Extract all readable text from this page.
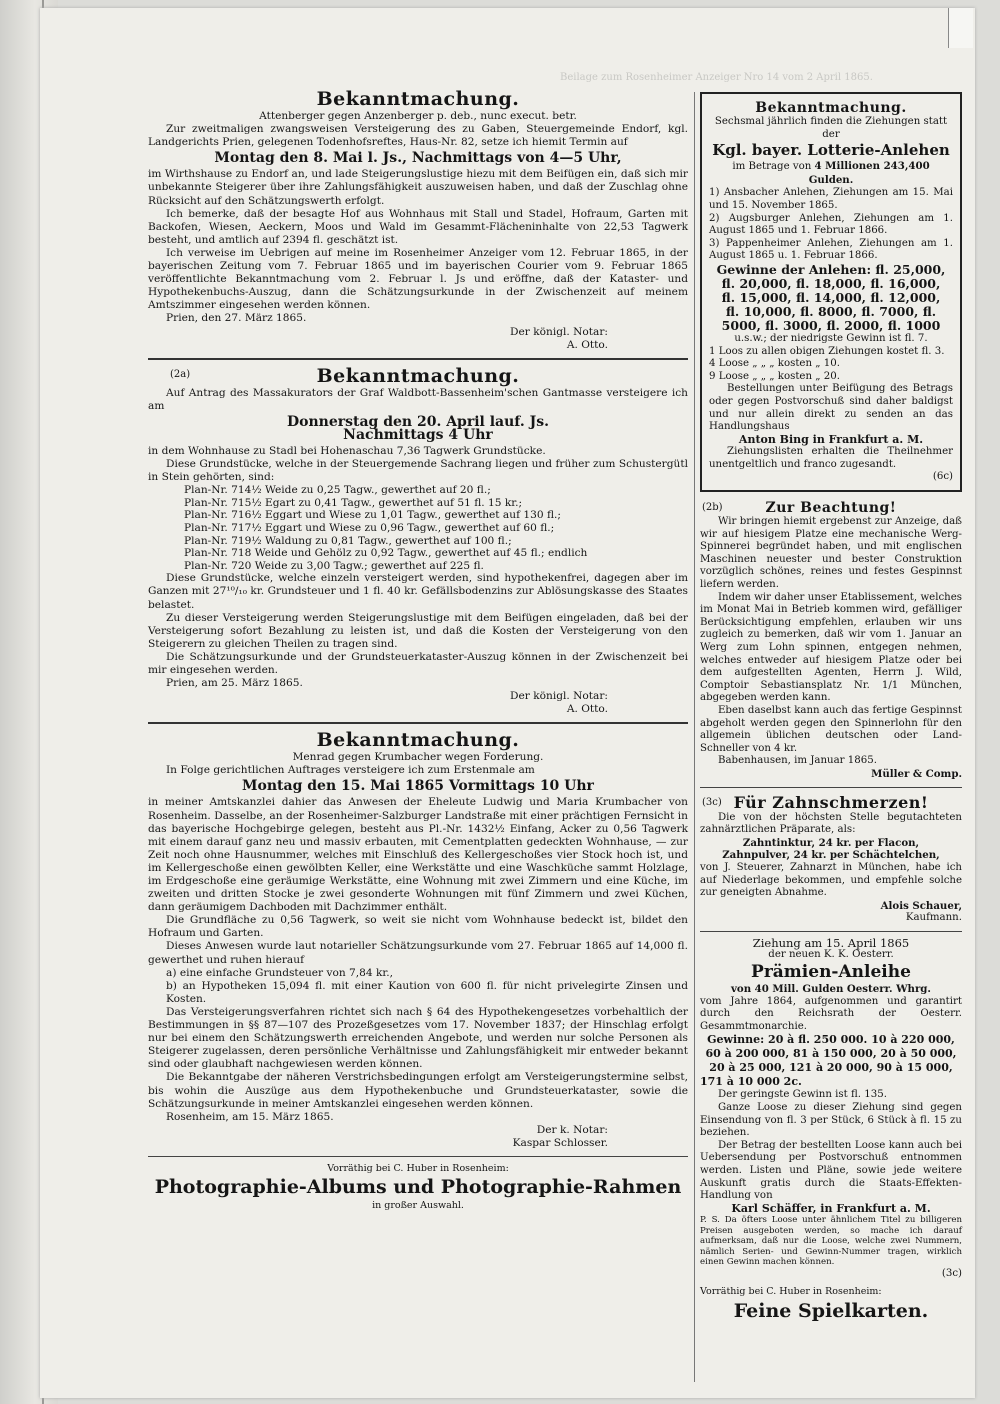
Beilage zum Rosenheimer Anzeiger Nro 14 vom 2 April 1865.
Bekanntmachung.

Attenberger gegen Anzenberger p. deb., nunc execut. betr.

Zur zweitmaligen zwangsweisen Versteigerung des zu Gaben, Steuergemeinde Endorf, kgl. Landgerichts Prien, gelegenen Todenhofsreftes, Haus-Nr. 82, setze ich hiemit Termin auf

Montag den 8. Mai l. Js., Nachmittags von 4—5 Uhr,

im Wirthshause zu Endorf an, und lade Steigerungslustige hiezu mit dem Beifügen ein, daß sich mir unbekannte Steigerer über ihre Zahlungsfähigkeit auszuweisen haben, und daß der Zuschlag ohne Rücksicht auf den Schätzungswerth erfolgt.

Ich bemerke, daß der besagte Hof aus Wohnhaus mit Stall und Stadel, Hofraum, Garten mit Backofen, Wiesen, Aeckern, Moos und Wald im Gesammt-Flächeninhalte von 22,53 Tagwerk besteht, und amtlich auf 2394 fl. geschätzt ist.

Ich verweise im Uebrigen auf meine im Rosenheimer Anzeiger vom 12. Februar 1865, in der bayerischen Zeitung vom 7. Februar 1865 und im bayerischen Courier vom 9. Februar 1865 veröffentlichte Bekanntmachung vom 2. Februar l. Js und eröffne, daß der Kataster- und Hypothekenbuchs-Auszug, dann die Schätzungsurkunde in der Zwischenzeit auf meinem Amtszimmer eingesehen werden können.

Prien, den 27. März 1865.

Der königl. Notar:

A. Otto.

(2a)	Bekanntmachung.

Auf Antrag des Massakurators der Graf Waldbott-Bassenheim'schen Gantmasse versteigere ich am

Donnerstag den 20. April lauf. Js.

Nachmittags 4 Uhr

in dem Wohnhause zu Stadl bei Hohenaschau 7,36 Tagwerk Grundstücke.

Diese Grundstücke, welche in der Steuergemende Sachrang liegen und früher zum Schustergütl in Stein gehörten, sind:

Plan-Nr. 714½ Weide zu 0,25 Tagw., gewerthet auf 20 fl.;
Plan-Nr. 715½ Egart zu 0,41 Tagw., gewerthet auf 51 fl. 15 kr.;
Plan-Nr. 716½ Eggart und Wiese zu 1,01 Tagw., gewerthet auf 130 fl.;
Plan-Nr. 717½ Eggart und Wiese zu 0,96 Tagw., gewerthet auf 60 fl.;
Plan-Nr. 719½ Waldung zu 0,81 Tagw., gewerthet auf 100 fl.;
Plan-Nr. 718 Weide und Gehölz zu 0,92 Tagw., gewerthet auf 45 fl.; endlich
Plan-Nr. 720 Weide zu 3,00 Tagw.; gewerthet auf 225 fl.

Diese Grundstücke, welche einzeln versteigert werden, sind hypothekenfrei, dagegen aber im Ganzen mit 27¹⁰/₁₀ kr. Grundsteuer und 1 fl. 40 kr. Gefällsbodenzins zur Ablösungskasse des Staates belastet.

Zu dieser Versteigerung werden Steigerungslustige mit dem Beifügen eingeladen, daß bei der Versteigerung sofort Bezahlung zu leisten ist, und daß die Kosten der Versteigerung von den Steigerern zu gleichen Theilen zu tragen sind.

Die Schätzungsurkunde und der Grundsteuerkataster-Auszug können in der Zwischenzeit bei mir eingesehen werden.

Prien, am 25. März 1865.

Der königl. Notar:

A. Otto.

Bekanntmachung.

Menrad gegen Krumbacher wegen Forderung.

In Folge gerichtlichen Auftrages versteigere ich zum Erstenmale am

Montag den 15. Mai 1865 Vormittags 10 Uhr

in meiner Amtskanzlei dahier das Anwesen der Eheleute Ludwig und Maria Krumbacher von Rosenheim. Dasselbe, an der Rosenheimer-Salzburger Landstraße mit einer prächtigen Fernsicht in das bayerische Hochgebirge gelegen, besteht aus Pl.-Nr. 1432½ Einfang, Acker zu 0,56 Tagwerk mit einem darauf ganz neu und massiv erbauten, mit Cementplatten gedeckten Wohnhause, — zur Zeit noch ohne Hausnummer, welches mit Einschluß des Kellergeschoßes vier Stock hoch ist, und im Kellergeschoße einen gewölbten Keller, eine Werkstätte und eine Waschküche sammt Holzlage, im Erdgeschoße eine geräumige Werkstätte, eine Wohnung mit zwei Zimmern und eine Küche, im zweiten und dritten Stocke je zwei gesonderte Wohnungen mit fünf Zimmern und zwei Küchen, dann geräumigem Dachboden mit Dachzimmer enthält.

Die Grundfläche zu 0,56 Tagwerk, so weit sie nicht vom Wohnhause bedeckt ist, bildet den Hofraum und Garten.

Dieses Anwesen wurde laut notarieller Schätzungsurkunde vom 27. Februar 1865 auf 14,000 fl. gewerthet und ruhen hierauf

a) eine einfache Grundsteuer von 7,84 kr.,

b) an Hypotheken 15,094 fl. mit einer Kaution von 600 fl. für nicht privelegirte Zinsen und Kosten.

Das Versteigerungsverfahren richtet sich nach § 64 des Hypothekengesetzes vorbehaltlich der Bestimmungen in §§ 87—107 des Prozeßgesetzes vom 17. November 1837; der Hinschlag erfolgt nur bei einem den Schätzungswerth erreichenden Angebote, und werden nur solche Personen als Steigerer zugelassen, deren persönliche Verhältnisse und Zahlungsfähigkeit mir entweder bekannt sind oder glaubhaft nachgewiesen werden können.

Die Bekanntgabe der näheren Verstrichsbedingungen erfolgt am Versteigerungstermine selbst, bis wohin die Auszüge aus dem Hypothekenbuche und Grundsteuerkataster, sowie die Schätzungsurkunde in meiner Amtskanzlei eingesehen werden können.

Rosenheim, am 15. März 1865.

Der k. Notar:

Kaspar Schlosser.

Vorräthig bei C. Huber in Rosenheim:

Photographie-Albums und Photographie-Rahmen

in großer Auswahl.

Bekanntmachung.

Sechsmal jährlich finden die Ziehungen statt der

Kgl. bayer. Lotterie-Anlehen

im Betrage von 4 Millionen 243,400 Gulden.

1) Ansbacher Anlehen, Ziehungen am 15. Mai und 15. November 1865.

2) Augsburger Anlehen, Ziehungen am 1. August 1865 und 1. Februar 1866.

3) Pappenheimer Anlehen, Ziehungen am 1. August 1865 u. 1. Februar 1866.

Gewinne der Anlehen: fl. 25,000,
fl. 20,000, fl. 18,000, fl. 16,000,
fl. 15,000, fl. 14,000, fl. 12,000,
fl. 10,000, fl. 8000, fl. 7000, fl.
5000, fl. 3000, fl. 2000, fl. 1000

u.s.w.; der niedrigste Gewinn ist fl. 7.

1 Loos zu allen obigen Ziehungen kostet fl. 3.

4 Loose „ „ „ kosten „ 10.

9 Loose „ „ „ kosten „ 20.

Bestellungen unter Beifügung des Betrags oder gegen Postvorschuß sind daher baldigst und nur allein direkt zu senden an das Handlungshaus

Anton Bing in Frankfurt a. M.

Ziehungslisten erhalten die Theilnehmer unentgeltlich und franco zugesandt.

(6c)

(2b)	Zur Beachtung!

Wir bringen hiemit ergebenst zur Anzeige, daß wir auf hiesigem Platze eine mechanische Werg-Spinnerei begründet haben, und mit englischen Maschinen neuester und bester Construktion vorzüglich schönes, reines und festes Gespinnst liefern werden.

Indem wir daher unser Etablissement, welches im Monat Mai in Betrieb kommen wird, gefälliger Berücksichtigung empfehlen, erlauben wir uns zugleich zu bemerken, daß wir vom 1. Januar an Werg zum Lohn spinnen, entgegen nehmen, welches entweder auf hiesigem Platze oder bei dem aufgestellten Agenten, Herrn J. Wild, Comptoir Sebastiansplatz Nr. 1/1 München, abgegeben werden kann.

Eben daselbst kann auch das fertige Gespinnst abgeholt werden gegen den Spinnerlohn für den allgemein üblichen deutschen oder Land-Schneller von 4 kr.

Babenhausen, im Januar 1865.

Müller & Comp.

(3c) Für Zahnschmerzen!

Die von der höchsten Stelle begutachteten zahnärztlichen Präparate, als:

Zahntinktur, 24 kr. per Flacon,

Zahnpulver, 24 kr. per Schächtelchen,

von J. Steuerer, Zahnarzt in München, habe ich auf Niederlage bekommen, und empfehle solche zur geneigten Abnahme.

Alois Schauer,

Kaufmann.

Ziehung am 15. April 1865

der neuen K. K. Oesterr.

Prämien-Anleihe

von 40 Mill. Gulden Oesterr. Whrg.

vom Jahre 1864, aufgenommen und garantirt durch den Reichsrath der Oesterr. Gesammtmonarchie.

Gewinne: 20 à fl. 250 000. 10 à 220 000,
60 à 200 000, 81 à 150 000, 20 à 50 000,
20 à 25 000, 121 à 20 000, 90 à 15 000,
171 à 10 000 2c.

Der geringste Gewinn ist fl. 135.

Ganze Loose zu dieser Ziehung sind gegen Einsendung von fl. 3 per Stück, 6 Stück à fl. 15 zu beziehen.

Der Betrag der bestellten Loose kann auch bei Uebersendung per Postvorschuß entnommen werden. Listen und Pläne, sowie jede weitere Auskunft gratis durch die Staats-Effekten-Handlung von

Karl Schäffer, in Frankfurt a. M.

P. S. Da öfters Loose unter ähnlichem Titel zu billigeren Preisen ausgeboten werden, so mache ich darauf aufmerksam, daß nur die Loose, welche zwei Nummern, nämlich Serien- und Gewinn-Nummer tragen, wirklich einen Gewinn machen können.

(3c)

Vorräthig bei C. Huber in Rosenheim:

Feine Spielkarten.
